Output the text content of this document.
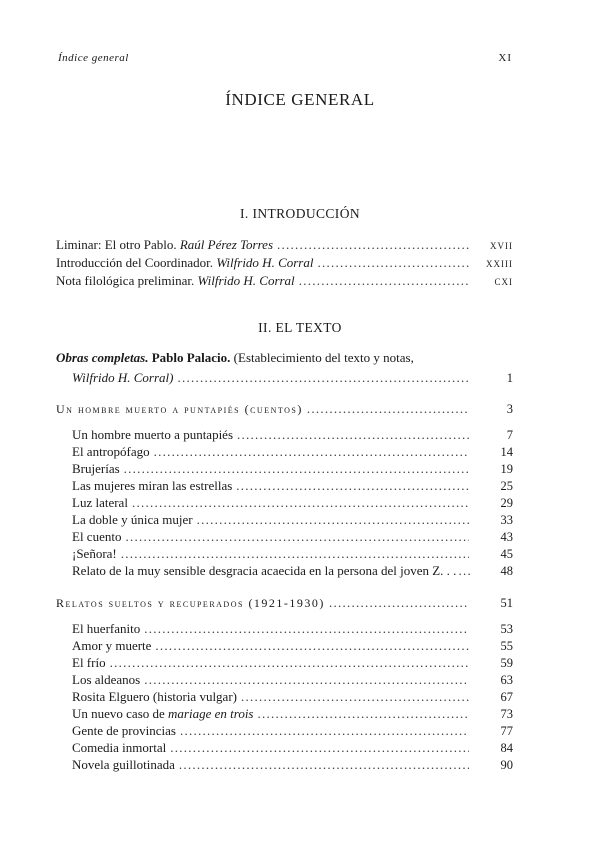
Índice general	XI
ÍNDICE GENERAL
I. INTRODUCCIÓN
Liminar: El otro Pablo. Raúl Pérez Torres . . .	XVII
Introducción del Coordinador. Wilfrido H. Corral . . .	XXIII
Nota filológica preliminar. Wilfrido H. Corral . . .	CXI
II. EL TEXTO
Obras completas. Pablo Palacio. (Establecimiento del texto y notas,
Wilfrido H. Corral) . . .	1
Un hombre muerto a puntapiés (cuentos) . . .	3
Un hombre muerto a puntapiés . . .	7
El antropófago . . .	14
Brujerías . . .	19
Las mujeres miran las estrellas . . .	25
Luz lateral . . .	29
La doble y única mujer . . .	33
El cuento . . .	43
¡Señora! . . .	45
Relato de la muy sensible desgracia acaecida en la persona del joven Z. . . . . .	48
Relatos sueltos y recuperados (1921-1930) . . .	51
El huerfanito . . .	53
Amor y muerte . . .	55
El frío . . .	59
Los aldeanos . . .	63
Rosita Elguero (historia vulgar) . . .	67
Un nuevo caso de mariage en trois . . .	73
Gente de provincias . . .	77
Comedia inmortal . . .	84
Novela guillotinada . . .	90
